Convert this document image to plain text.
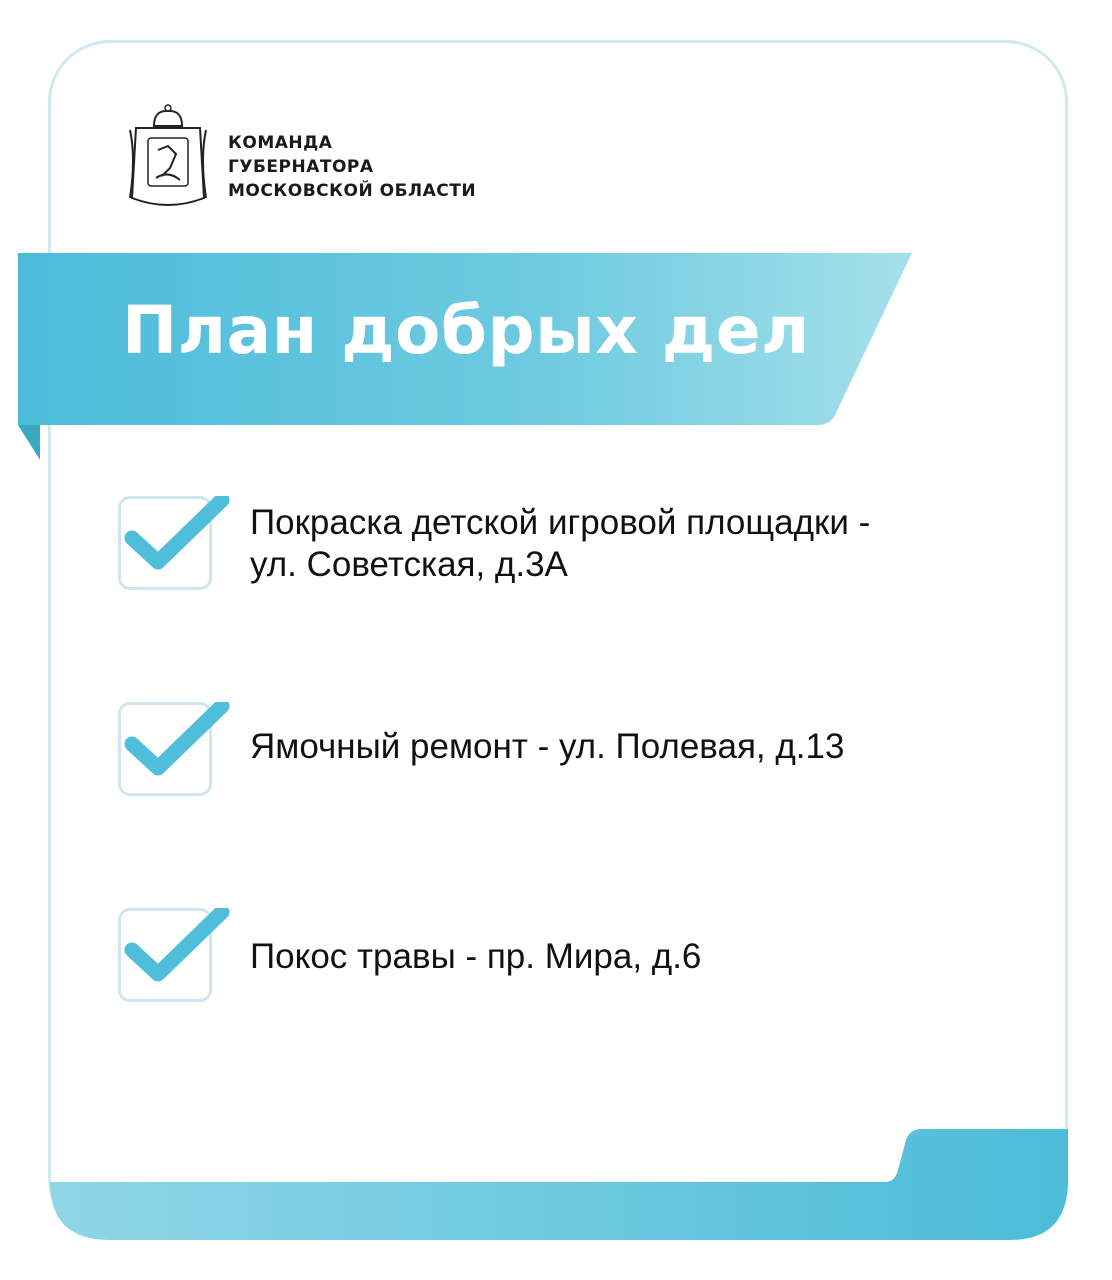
КОМАНДА
ГУБЕРНАТОРА
МОСКОВСКОЙ ОБЛАСТИ
План добрых дел
Покраска детской игровой площадки -
ул. Советская, д.3А
Ямочный ремонт - ул. Полевая, д.13
Покос травы - пр. Мира, д.6
